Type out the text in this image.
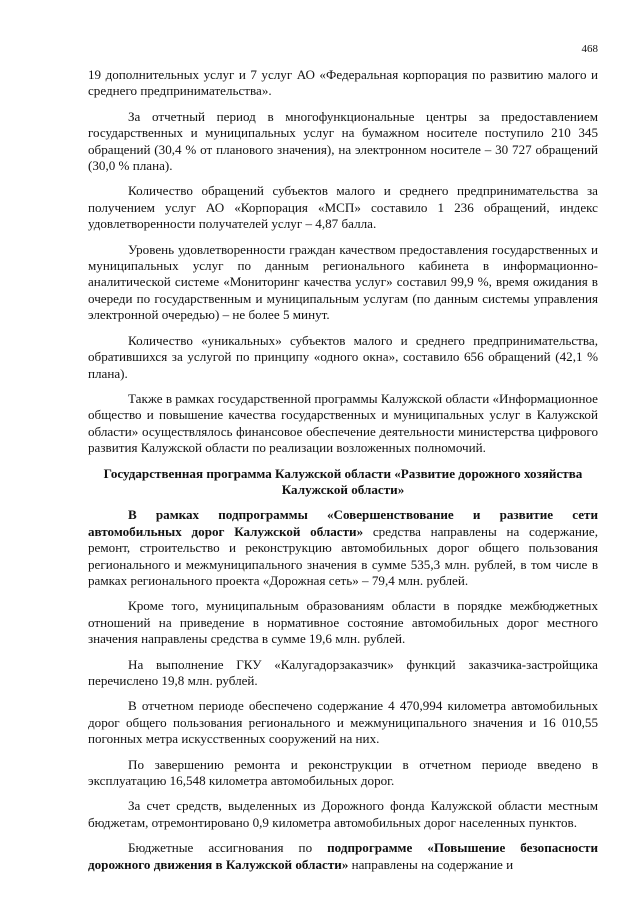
468

19 дополнительных услуг и 7 услуг АО «Федеральная корпорация по развитию малого и среднего предпринимательства».

За отчетный период в многофункциональные центры за предоставлением государственных и муниципальных услуг на бумажном носителе поступило 210 345 обращений (30,4 % от планового значения), на электронном носителе – 30 727 обращений (30,0 % плана).

Количество обращений субъектов малого и среднего предпринимательства за получением услуг АО «Корпорация «МСП» составило 1 236 обращений, индекс удовлетворенности получателей услуг – 4,87 балла.

Уровень удовлетворенности граждан качеством предоставления государственных и муниципальных услуг по данным регионального кабинета в информационно-аналитической системе «Мониторинг качества услуг» составил 99,9 %, время ожидания в очереди по государственным и муниципальным услугам (по данным системы управления электронной очередью) – не более 5 минут.

Количество «уникальных» субъектов малого и среднего предпринимательства, обратившихся за услугой по принципу «одного окна», составило 656 обращений (42,1 % плана).

Также в рамках государственной программы Калужской области «Информационное общество и повышение качества государственных и муниципальных услуг в Калужской области» осуществлялось финансовое обеспечение деятельности министерства цифрового развития Калужской области по реализации возложенных полномочий.

Государственная программа Калужской области «Развитие дорожного хозяйства Калужской области»

В рамках подпрограммы «Совершенствование и развитие сети автомобильных дорог Калужской области» средства направлены на содержание, ремонт, строительство и реконструкцию автомобильных дорог общего пользования регионального и межмуниципального значения в сумме 535,3 млн. рублей, в том числе в рамках регионального проекта «Дорожная сеть» – 79,4 млн. рублей.

Кроме того, муниципальным образованиям области в порядке межбюджетных отношений на приведение в нормативное состояние автомобильных дорог местного значения направлены средства в сумме 19,6 млн. рублей.

На выполнение ГКУ «Калугадорзаказчик» функций заказчика-застройщика перечислено 19,8 млн. рублей.

В отчетном периоде обеспечено содержание 4 470,994 километра автомобильных дорог общего пользования регионального и межмуниципального значения и 16 010,55 погонных метра искусственных сооружений на них.

По завершению ремонта и реконструкции в отчетном периоде введено в эксплуатацию 16,548 километра автомобильных дорог.

За счет средств, выделенных из Дорожного фонда Калужской области местным бюджетам, отремонтировано 0,9 километра автомобильных дорог населенных пунктов.

Бюджетные ассигнования по подпрограмме «Повышение безопасности дорожного движения в Калужской области» направлены на содержание и
